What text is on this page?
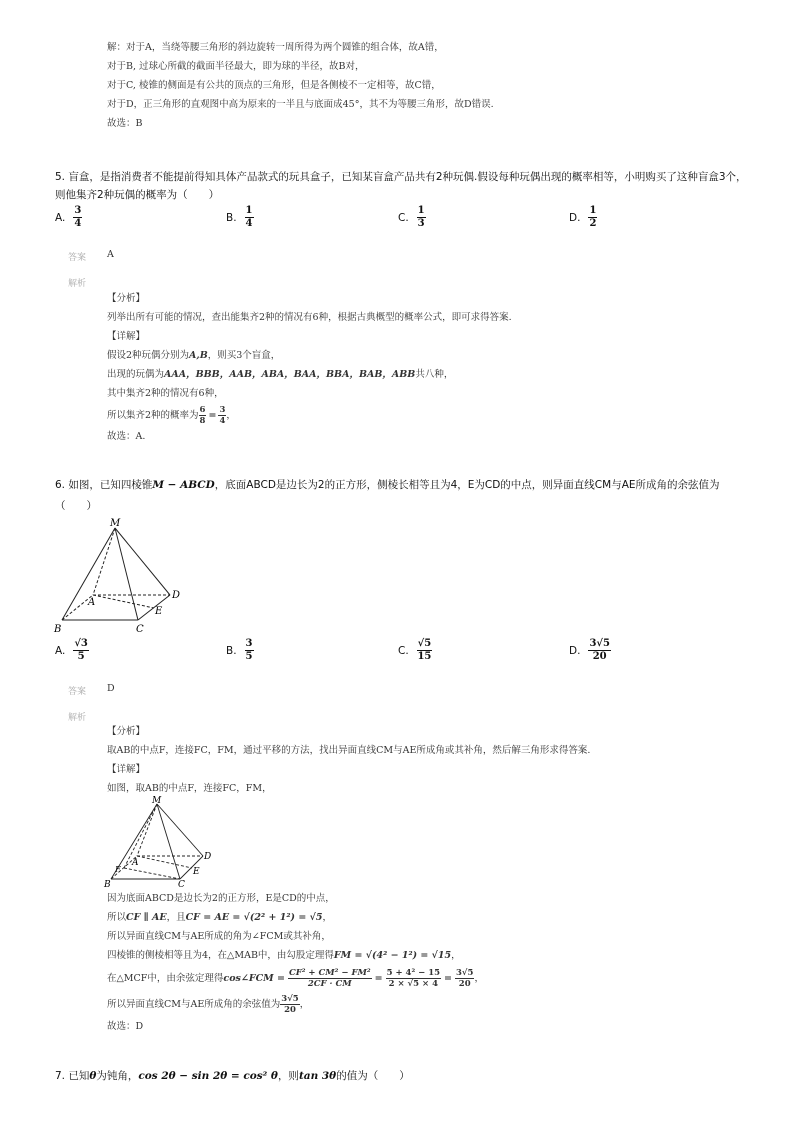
解：对于A，当绕等腰三角形的斜边旋转一周所得为两个圆锥的组合体，故A错，
对于B, 过球心所截的截面半径最大，即为球的半径，故B对，
对于C, 棱锥的侧面是有公共的顶点的三角形，但是各侧棱不一定相等，故C错，
对于D，正三角形的直观图中高为原来的一半且与底面成45°，其不为等腰三角形，故D错误.
故选：B
5. 盲盒，是指消费者不能提前得知具体产品款式的玩具盒子，已知某盲盒产品共有2种玩偶.假设每种玩偶出现的概率相等，小明购买了这种盲盒3个，
则他集齐2种玩偶的概率为（　　）
A. $\frac{3}{4}$	B. $\frac{1}{4}$	C. $\frac{1}{3}$	D. $\frac{1}{2}$
答案 A
解析
【分析】
列举出所有可能的情况，查出能集齐2种的情况有6种，根据古典概型的概率公式，即可求得答案.
【详解】
假设2种玩偶分别为A,B，则买3个盲盒，
出现的玩偶为AAA，BBB，AAB，ABA，BAA，BBA，BAB，ABB共八种，
其中集齐2种的情况有6种，
所以集齐2种的概率为 $\frac{6}{8} = \frac{3}{4}$ ，
故选：A.
6. 如图，已知四棱锥M − ABCD，底面ABCD是边长为2的正方形，侧棱长相等且为4，E为CD的中点，则异面直线CM与AE所成角的余弦值为
（　　）
M
A
B	C
D
E
A. $\frac{√3}{5}$	B. $\frac{3}{5}$	C. $\frac{√5}{15}$	D. $\frac{3√5}{20}$
答案 D
解析
【分析】
取AB的中点F，连接FC，FM，通过平移的方法，找出异面直线CM与AE所成角或其补角，然后解三角形求得答案.
【详解】
如图，取AB的中点F，连接FC，FM，
M
A
F
B	C
D
E
因为底面ABCD是边长为2的正方形，E是CD的中点，
所以CF ∥ AE，且CF = AE = √(2² + 1²) = √5，
所以异面直线CM与AE所成的角为∠FCM或其补角，
四棱锥的侧棱相等且为4，在△MAB中，由勾股定理得FM = √(4² − 1²) = √15，
在△MCF中，由余弦定理得 cos∠FCM = $\frac{\text{CF² + CM² − FM²}}{2CF \cdot CM} = \frac{\text{5 + 4² − 15}}{2 \times √5 \times 4} = \frac{3√5}{20}$ ，
所以异面直线CM与AE所成角的余弦值为 3√5
20 ，
故选：D
7. 已知θ为钝角，cos 2θ − sin 2θ = cos² θ，则tan 3θ的值为（　　）
